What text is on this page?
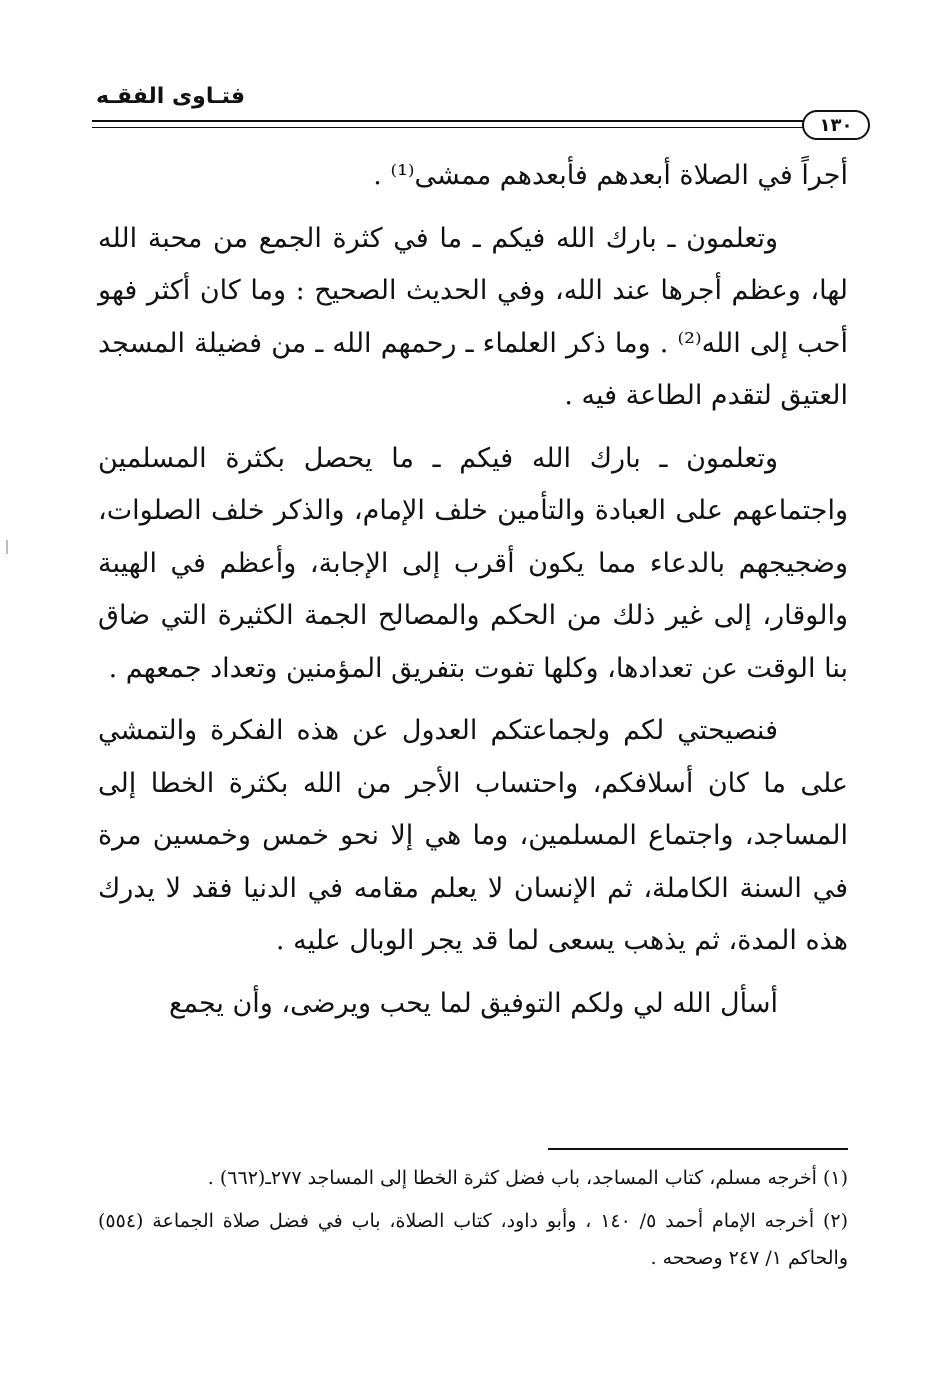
فتـاوى الفقـه
١٣٠

أجراً في الصلاة أبعدهم فأبعدهم ممشى⁽¹⁾ .

وتعلمون ـ بارك الله فيكم ـ ما في كثرة الجمع من محبة الله لها، وعظم أجرها عند الله، وفي الحديث الصحيح : وما كان أكثر فهو أحب إلى الله⁽²⁾ . وما ذكر العلماء ـ رحمهم الله ـ من فضيلة المسجد العتيق لتقدم الطاعة فيه .

وتعلمون ـ بارك الله فيكم ـ ما يحصل بكثرة المسلمين واجتماعهم على العبادة والتأمين خلف الإمام، والذكر خلف الصلوات، وضجيجهم بالدعاء مما يكون أقرب إلى الإجابة، وأعظم في الهيبة والوقار، إلى غير ذلك من الحكم والمصالح الجمة الكثيرة التي ضاق بنا الوقت عن تعدادها، وكلها تفوت بتفريق المؤمنين وتعداد جمعهم .

فنصيحتي لكم ولجماعتكم العدول عن هذه الفكرة والتمشي على ما كان أسلافكم، واحتساب الأجر من الله بكثرة الخطا إلى المساجد، واجتماع المسلمين، وما هي إلا نحو خمس وخمسين مرة في السنة الكاملة، ثم الإنسان لا يعلم مقامه في الدنيا فقد لا يدرك هذه المدة، ثم يذهب يسعى لما قد يجر الوبال عليه .

أسأل الله لي ولكم التوفيق لما يحب ويرضى، وأن يجمع

(١) أخرجه مسلم، كتاب المساجد، باب فضل كثرة الخطا إلى المساجد ٢٧٧ـ(٦٦٢) .

(٢) أخرجه الإمام أحمد ٥/ ١٤٠ ، وأبو داود، كتاب الصلاة، باب في فضل صلاة الجماعة (٥٥٤) والحاكم ١/ ٢٤٧ وصححه .
